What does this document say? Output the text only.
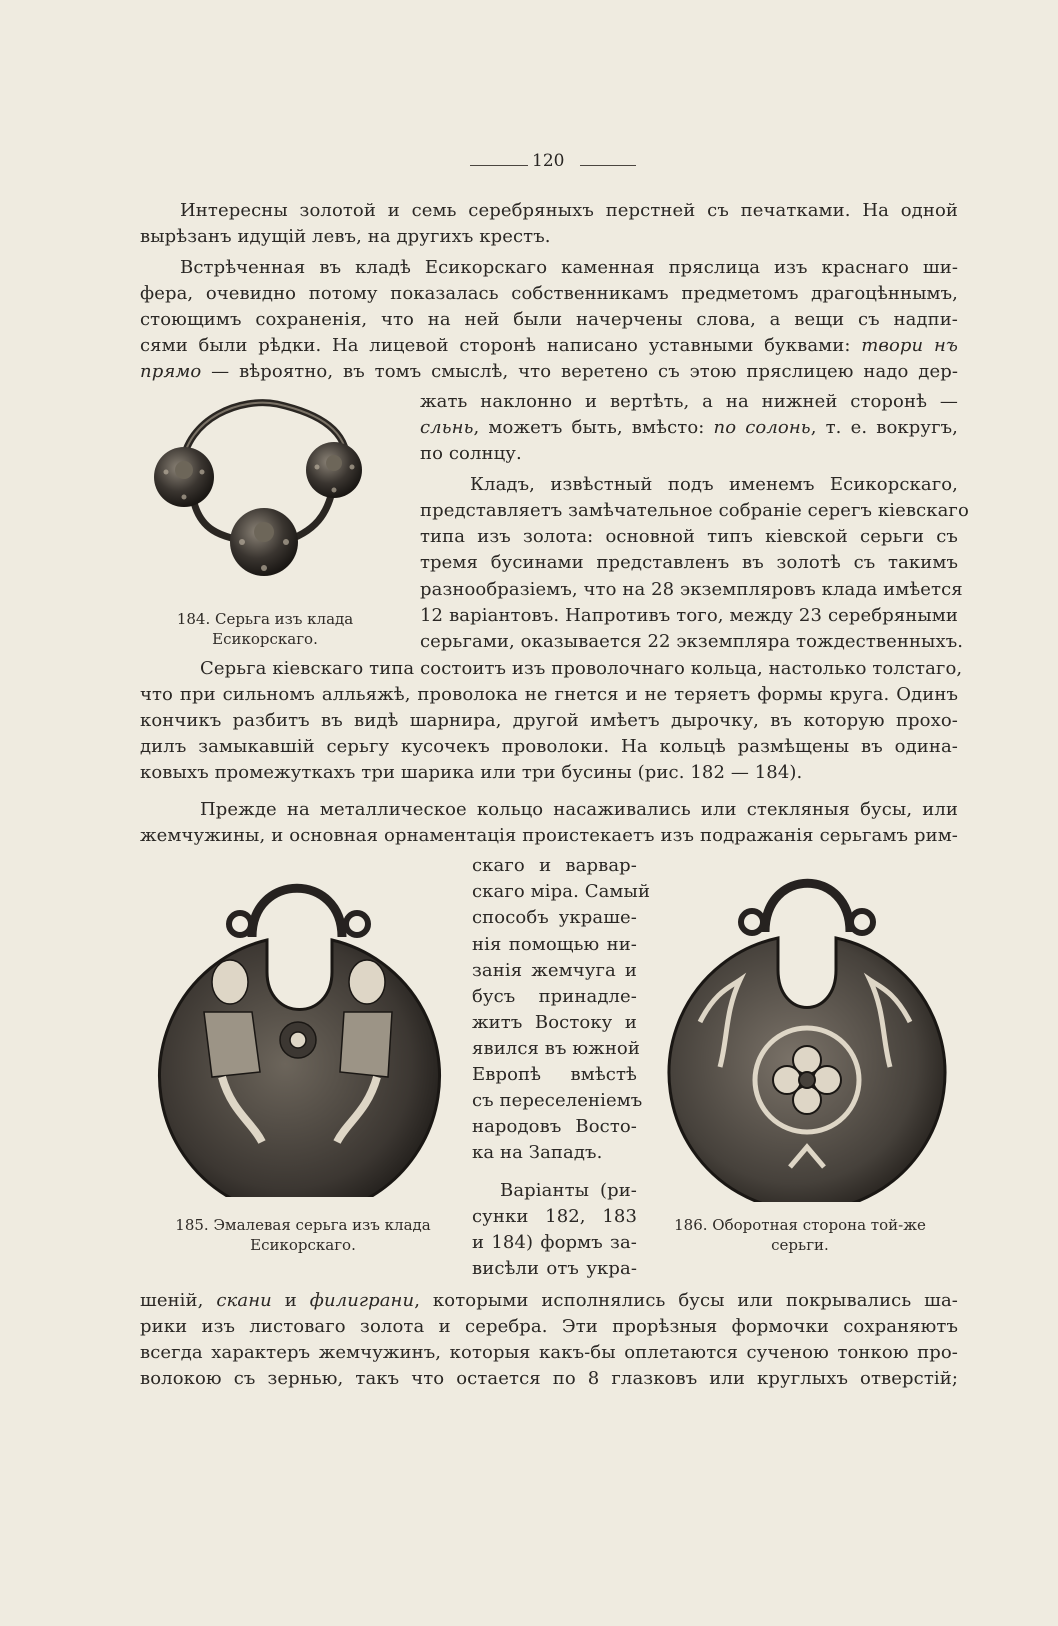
120
Интересны золотой и семь серебряныхъ перстней съ печатками. На одной
вырѣзанъ идущій левъ, на другихъ крестъ.
Встрѣченная въ кладѣ Есикорскаго каменная пряслица изъ краснаго ши-
фера, очевидно потому показалась собственникамъ предметомъ драгоцѣннымъ,
стоющимъ сохраненія, что на ней были начерчены слова, а вещи съ надпи-
сями были рѣдки. На лицевой сторонѣ написано уставными буквами: твори нъ
прямо — вѣроятно, въ томъ смыслѣ, что веретено съ этою пряслицею надо дер-
жать наклонно и вертѣть, а на нижней сторонѣ —
сльнь, можетъ быть, вмѣсто: по солонь, т. е. вокругъ,
по солнцу.
Кладъ, извѣстный подъ именемъ Есикорскаго,
представляетъ замѣчательное собраніе серегъ кіевскаго
типа изъ золота: основной типъ кіевской серьги съ
тремя бусинами представленъ въ золотѣ съ такимъ
разнообразіемъ, что на 28 экземпляровъ клада имѣется
12 варіантовъ. Напротивъ того, между 23 серебряными
серьгами, оказывается 22 экземпляра тождественныхъ.
184. Серьга изъ клада
Есикорскаго.
Серьга кіевскаго типа состоитъ изъ проволочнаго кольца, настолько толстаго,
что при сильномъ алльяжѣ, проволока не гнется и не теряетъ формы круга. Одинъ
кончикъ разбитъ въ видѣ шарнира, другой имѣетъ дырочку, въ которую прохо-
дилъ замыкавшій серьгу кусочекъ проволоки. На кольцѣ размѣщены въ одина-
ковыхъ промежуткахъ три шарика или три бусины (рис. 182 — 184).
Прежде на металлическое кольцо насаживались или стекляныя бусы, или
жемчужины, и основная орнаментація проистекаетъ изъ подражанія серьгамъ рим-
скаго и варвар-
скаго міра. Самый
способъ украше-
нія помощью ни-
занія жемчуга и
бусъ принадле-
житъ Востоку и
явился въ южной
Европѣ вмѣстѣ
съ переселеніемъ
народовъ Восто-
ка на Западъ.
Варіанты (ри-
сунки 182, 183
и 184) формъ за-
висѣли отъ укра-
185. Эмалевая серьга изъ клада
Есикорскаго.
186. Оборотная сторона той-же
серьги.
шеній, скани и филиграни, которыми исполнялись бусы или покрывались ша-
рики изъ листоваго золота и серебра. Эти прорѣзныя формочки сохраняютъ
всегда характеръ жемчужинъ, которыя какъ-бы оплетаются сученою тонкою про-
волокою съ зернью, такъ что остается по 8 глазковъ или круглыхъ отверстій;
